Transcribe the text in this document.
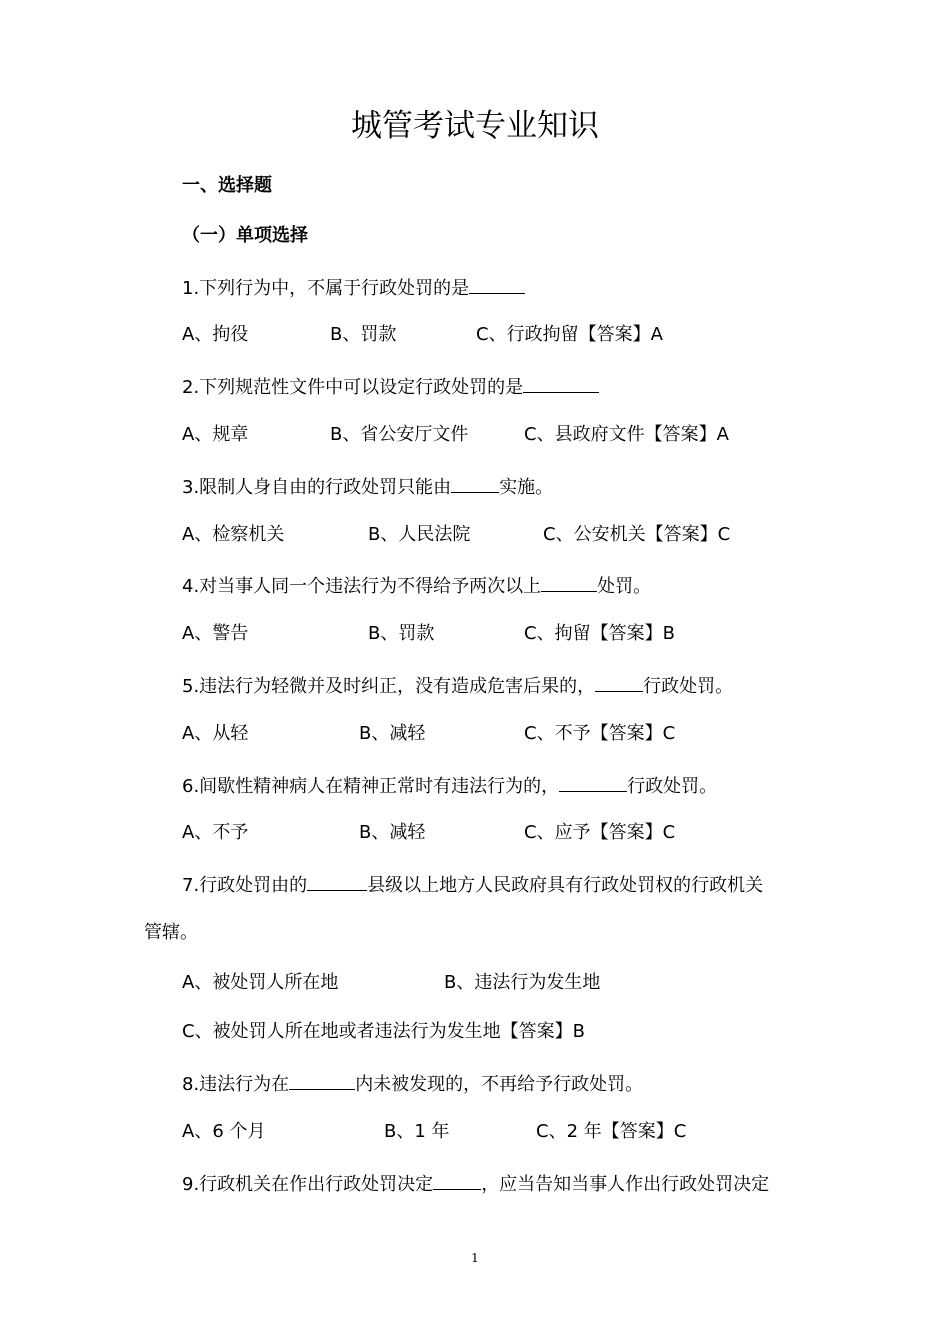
城管考试专业知识
一、选择题
（一）单项选择
1.下列行为中，不属于行政处罚的是
A、拘役	B、罚款	C、行政拘留【答案】A
2.下列规范性文件中可以设定行政处罚的是
A、规章	B、省公安厅文件	C、县政府文件【答案】A
3.限制人身自由的行政处罚只能由	实施。
A、检察机关	B、人民法院	C、公安机关【答案】C
4.对当事人同一个违法行为不得给予两次以上	处罚。
A、警告	B、罚款	C、拘留【答案】B
5.违法行为轻微并及时纠正，没有造成危害后果的，	行政处罚。
A、从轻	B、减轻	C、不予【答案】C
6.间歇性精神病人在精神正常时有违法行为的，	行政处罚。
A、不予	B、减轻	C、应予【答案】C
7.行政处罚由的	县级以上地方人民政府具有行政处罚权的行政机关
管辖。
A、被处罚人所在地	B、违法行为发生地
C、被处罚人所在地或者违法行为发生地【答案】B
8.违法行为在	内未被发现的，不再给予行政处罚。
A、6 个月	B、1 年	C、2 年【答案】C
9.行政机关在作出行政处罚决定	，应当告知当事人作出行政处罚决定
1
